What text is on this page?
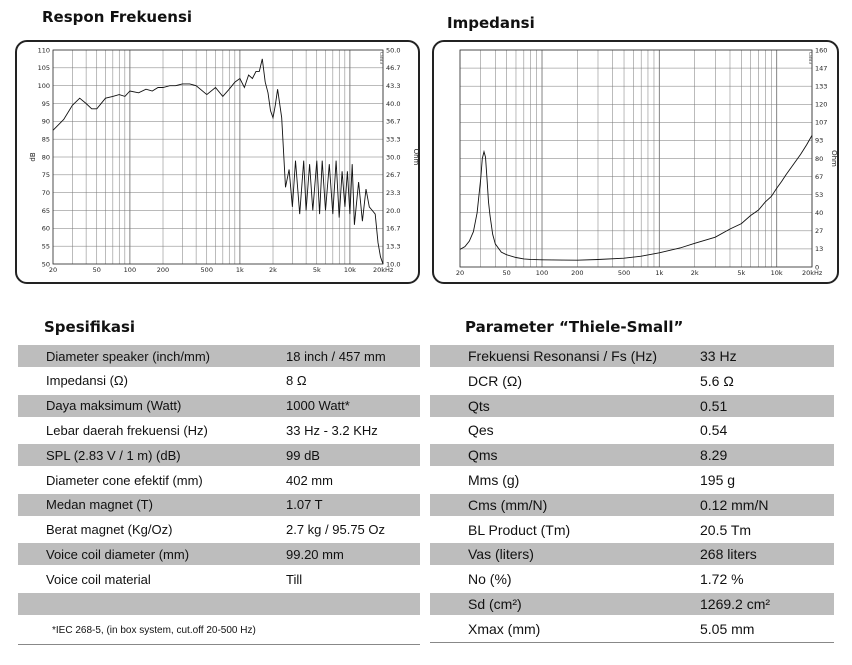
Respon Frekuensi	Impedansi
110
105
100
95
90
85
80
75
70
65
60
55
50
50.0
46.7
43.3
40.0
36.7
33.3
30.0
26.7
23.3
20.0
16.7
13.3
10.0
20	50	100	200	500	1k	2k	5k	10k	20kHz
dB	Ohm
CBB3
160
147
133
120
107
93
80
67
53
40
27
13
0
20	50	100	200	500	1k	2k	5k	10k	20kHz
Ohm
CBB3
Spesifikasi
Diameter speaker (inch/mm)	18 inch / 457 mm
Impedansi (Ω)	8 Ω
Daya maksimum (Watt)	1000 Watt*
Lebar daerah frekuensi (Hz)	33 Hz - 3.2 KHz
SPL (2.83 V / 1 m) (dB)	99 dB
Diameter cone efektif (mm)	402 mm
Medan magnet (T)	1.07 T
Berat magnet (Kg/Oz)	2.7 kg / 95.75 Oz
Voice coil diameter (mm)	99.20 mm
Voice coil material	Till
*IEC 268-5, (in box system, cut.off 20-500 Hz)
Parameter “Thiele-Small”
Frekuensi Resonansi / Fs (Hz)	33 Hz
DCR (Ω)	5.6 Ω
Qts	0.51
Qes	0.54
Qms	8.29
Mms (g)	195 g
Cms (mm/N)	0.12 mm/N
BL Product (Tm)	20.5 Tm
Vas (liters)	268 liters
No (%)	1.72 %
Sd (cm²)	1269.2 cm²
Xmax (mm)	5.05 mm
